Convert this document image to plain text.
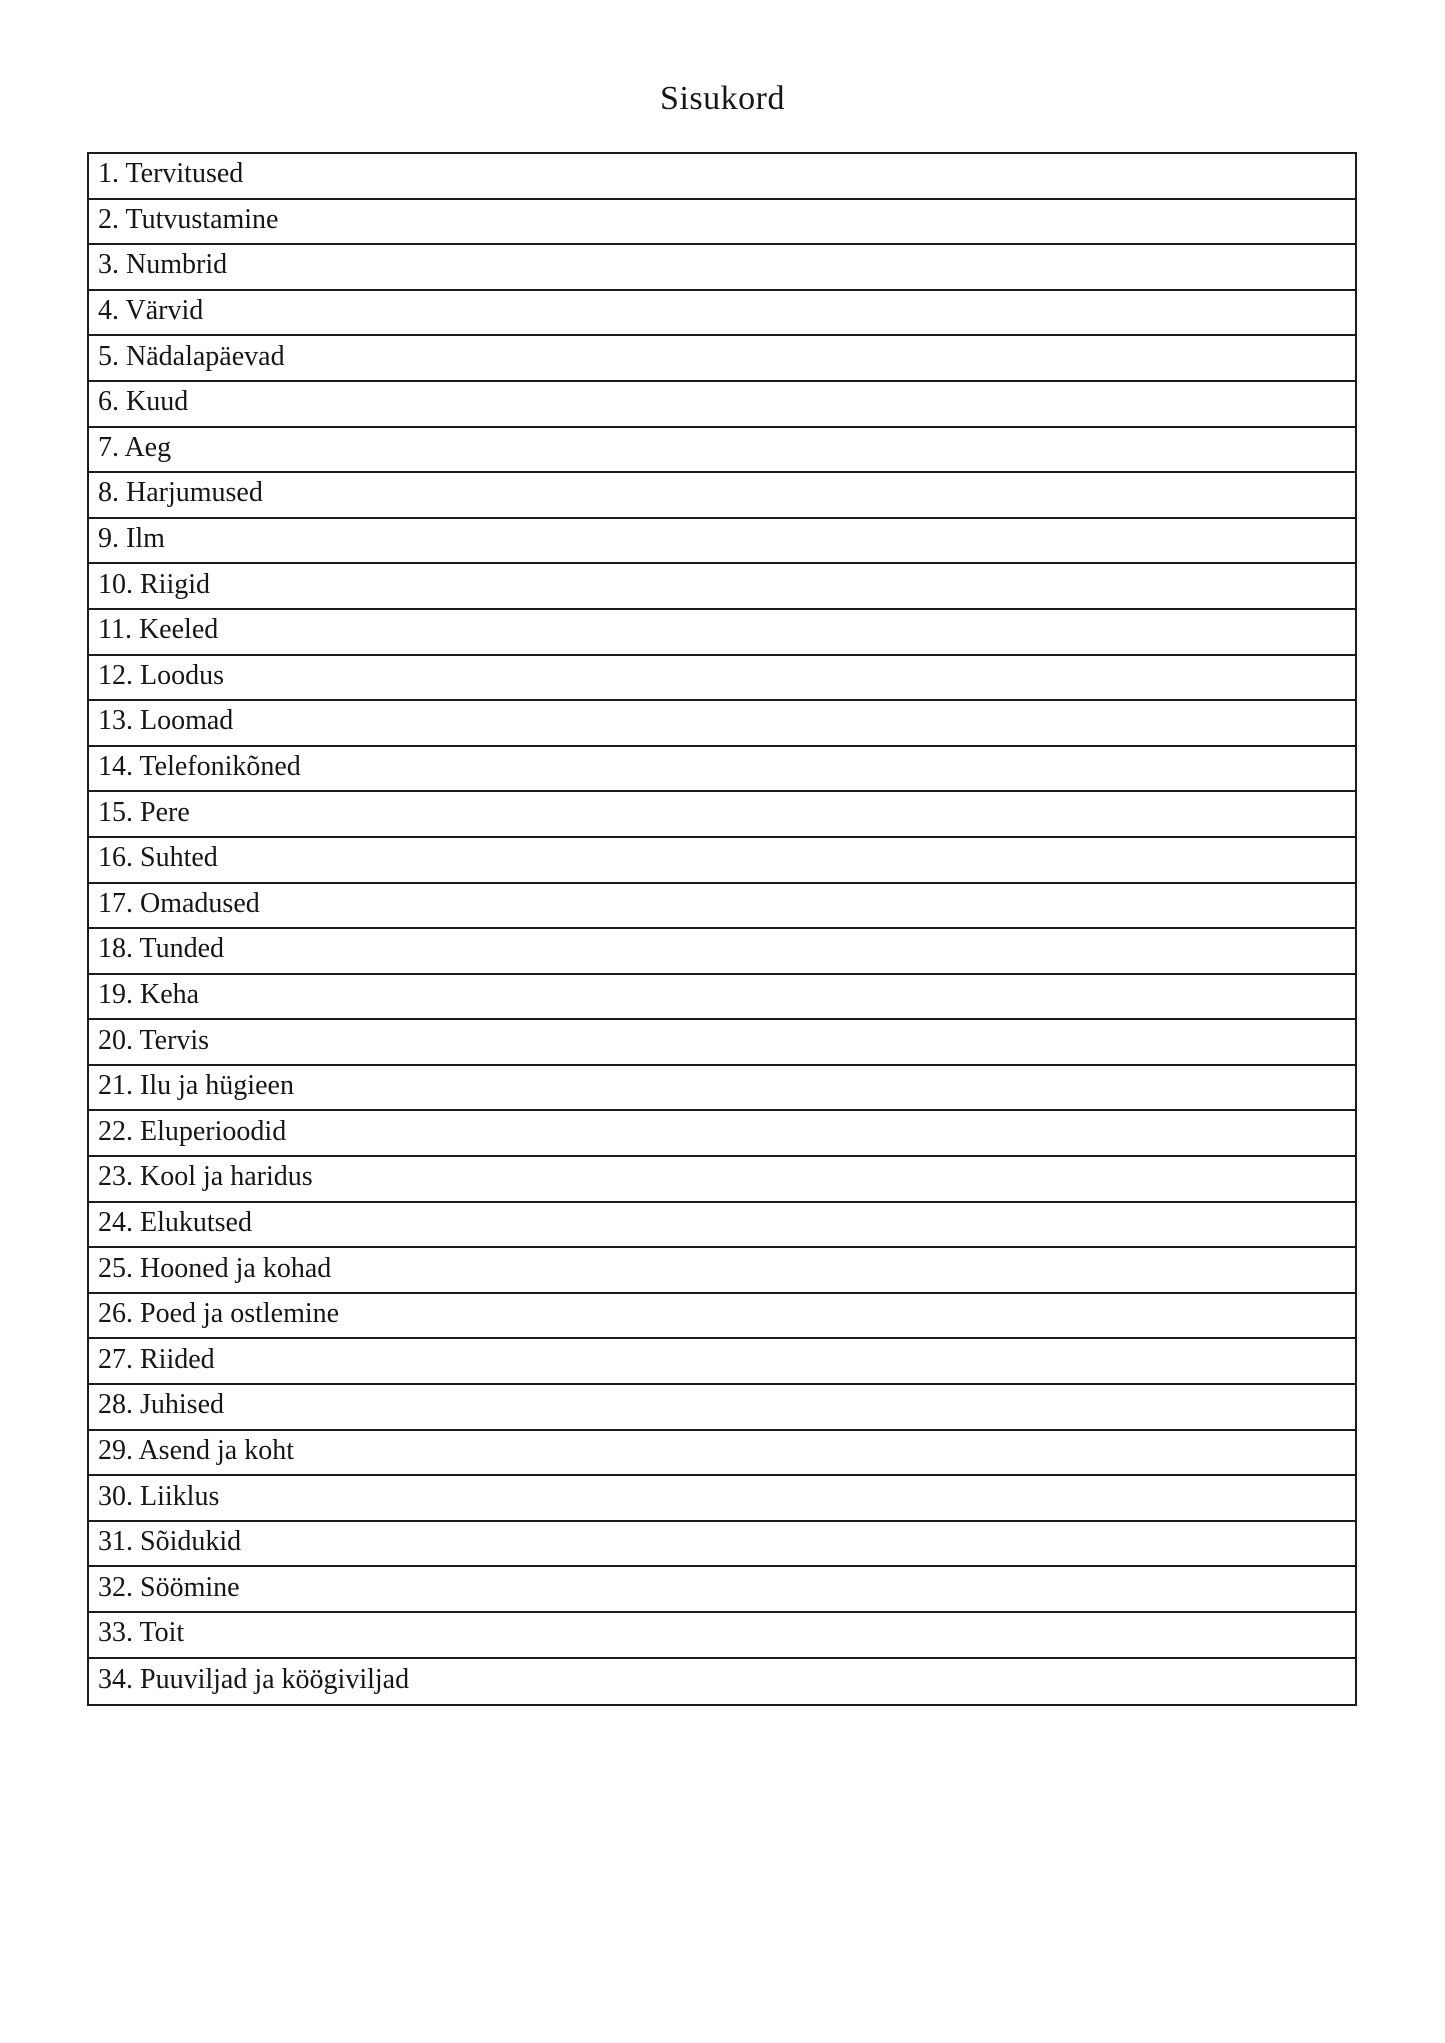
Sisukord
1. Tervitused
2. Tutvustamine
3. Numbrid
4. Värvid
5. Nädalapäevad
6. Kuud
7. Aeg
8. Harjumused
9. Ilm
10. Riigid
11. Keeled
12. Loodus
13. Loomad
14. Telefonikõned
15. Pere
16. Suhted
17. Omadused
18. Tunded
19. Keha
20. Tervis
21. Ilu ja hügieen
22. Eluperioodid
23. Kool ja haridus
24. Elukutsed
25. Hooned ja kohad
26. Poed ja ostlemine
27. Riided
28. Juhised
29. Asend ja koht
30. Liiklus
31. Sõidukid
32. Söömine
33. Toit
34. Puuviljad ja köögiviljad
